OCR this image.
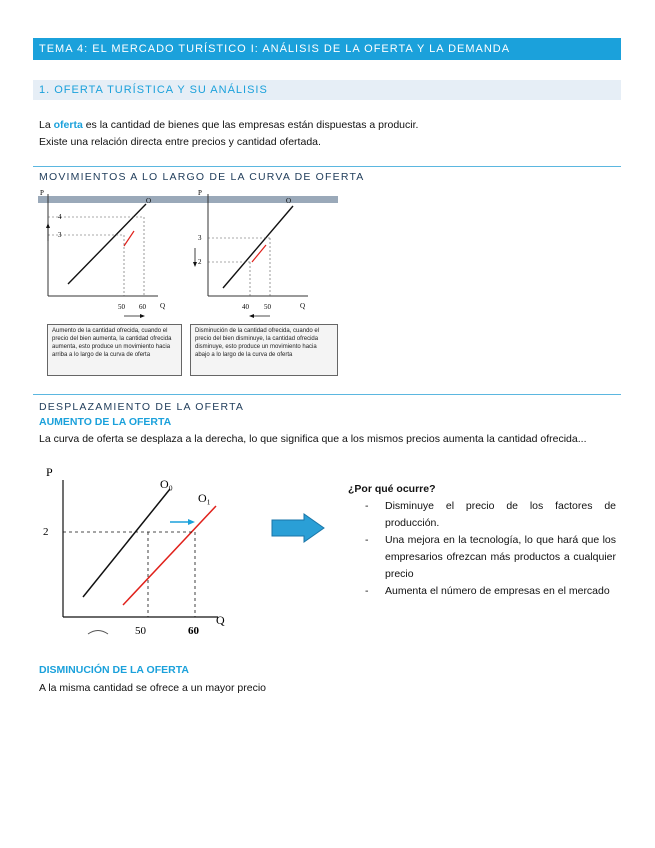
TEMA 4: EL MERCADO TURÍSTICO I: ANÁLISIS DE LA OFERTA Y LA DEMANDA
1. OFERTA TURÍSTICA Y SU ANÁLISIS
La oferta es la cantidad de bienes que las empresas están dispuestas a producir.
Existe una relación directa entre precios y cantidad ofertada.
MOVIMIENTOS A LO LARGO DE LA CURVA DE OFERTA
P
Q
O
4
3
50 60
P
Q
O
3
2
40 50
Aumento de la cantidad ofrecida, cuando el precio del bien aumenta, la cantidad ofrecida aumenta, esto produce un movimiento hacia arriba a lo largo de la curva de oferta
Disminución de la cantidad ofrecida, cuando el precio del bien disminuye, la cantidad ofrecida disminuye, esto produce un movimiento hacia abajo a lo largo de la curva de oferta
DESPLAZAMIENTO DE LA OFERTA
AUMENTO DE LA OFERTA
La curva de oferta se desplaza a la derecha, lo que significa que a los mismos precios aumenta la cantidad ofrecida...
P
Q
O₀
O₁
2
50	60
¿Por qué ocurre?
- Disminuye el precio de los factores de producción.
- Una mejora en la tecnología, lo que hará que los empresarios ofrezcan más productos a cualquier precio
- Aumenta el número de empresas en el mercado
DISMINUCIÓN DE LA OFERTA
A la misma cantidad se ofrece a un mayor precio
